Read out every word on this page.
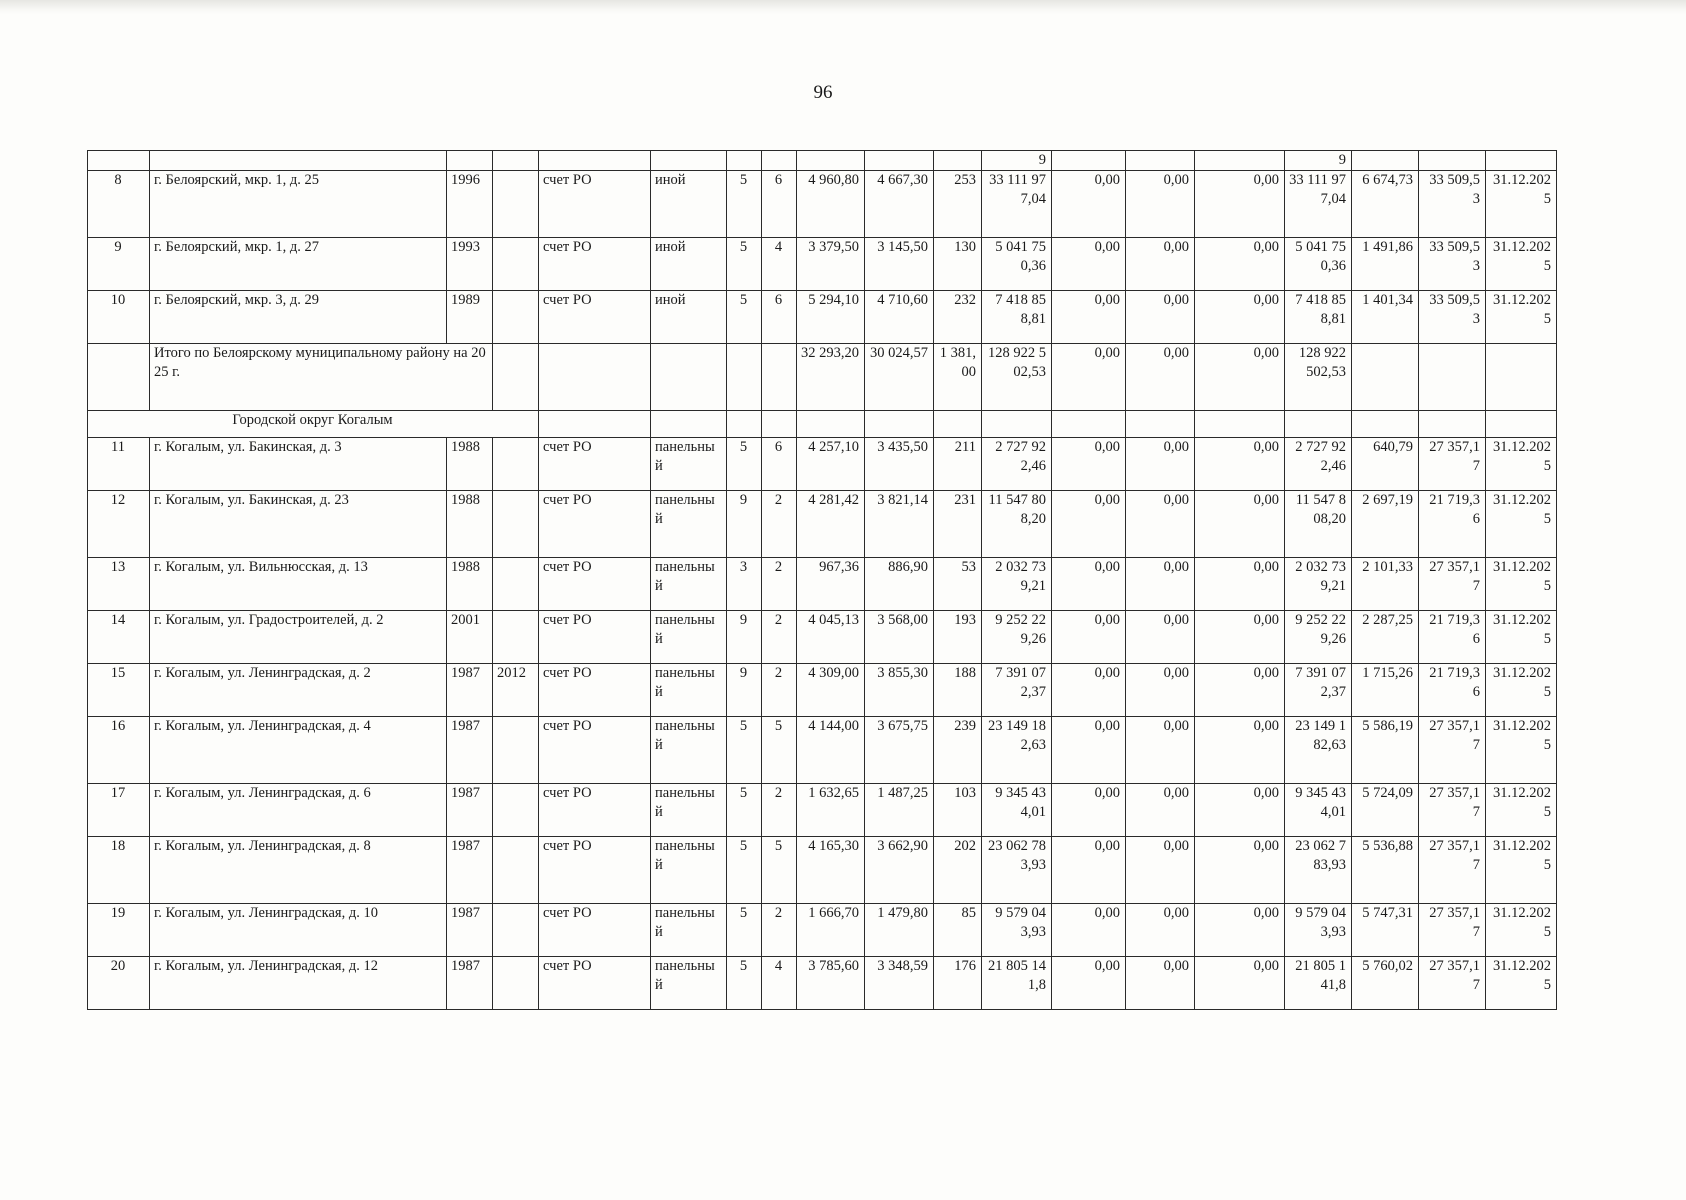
96
											9				9			
8	г. Белоярский, мкр. 1, д. 25	1996		счет РО	иной	5	6	4 960,80	4 667,30	253	33 111 977,04	0,00	0,00	0,00	33 111 977,04	6 674,73	33 509,53	31.12.2025
9	г. Белоярский, мкр. 1, д. 27	1993		счет РО	иной	5	4	3 379,50	3 145,50	130	5 041 750,36	0,00	0,00	0,00	5 041 750,36	1 491,86	33 509,53	31.12.2025
10	г. Белоярский, мкр. 3, д. 29	1989		счет РО	иной	5	6	5 294,10	4 710,60	232	7 418 858,81	0,00	0,00	0,00	7 418 858,81	1 401,34	33 509,53	31.12.2025
	Итого по Белоярскому муниципальному району на 2025 г.							32 293,20	30 024,57	1 381,00	128 922 502,53	0,00	0,00	0,00	128 922 502,53			
Городской округ Когалым																		
11	г. Когалым, ул. Бакинская, д. 3	1988		счет РО	панельный	5	6	4 257,10	3 435,50	211	2 727 922,46	0,00	0,00	0,00	2 727 922,46	640,79	27 357,17	31.12.2025
12	г. Когалым, ул. Бакинская, д. 23	1988		счет РО	панельный	9	2	4 281,42	3 821,14	231	11 547 808,20	0,00	0,00	0,00	11 547 808,20	2 697,19	21 719,36	31.12.2025
13	г. Когалым, ул. Вильнюсская, д. 13	1988		счет РО	панельный	3	2	967,36	886,90	53	2 032 739,21	0,00	0,00	0,00	2 032 739,21	2 101,33	27 357,17	31.12.2025
14	г. Когалым, ул. Градостроителей, д. 2	2001		счет РО	панельный	9	2	4 045,13	3 568,00	193	9 252 229,26	0,00	0,00	0,00	9 252 229,26	2 287,25	21 719,36	31.12.2025
15	г. Когалым, ул. Ленинградская, д. 2	1987	2012	счет РО	панельный	9	2	4 309,00	3 855,30	188	7 391 072,37	0,00	0,00	0,00	7 391 072,37	1 715,26	21 719,36	31.12.2025
16	г. Когалым, ул. Ленинградская, д. 4	1987		счет РО	панельный	5	5	4 144,00	3 675,75	239	23 149 182,63	0,00	0,00	0,00	23 149 182,63	5 586,19	27 357,17	31.12.2025
17	г. Когалым, ул. Ленинградская, д. 6	1987		счет РО	панельный	5	2	1 632,65	1 487,25	103	9 345 434,01	0,00	0,00	0,00	9 345 434,01	5 724,09	27 357,17	31.12.2025
18	г. Когалым, ул. Ленинградская, д. 8	1987		счет РО	панельный	5	5	4 165,30	3 662,90	202	23 062 783,93	0,00	0,00	0,00	23 062 783,93	5 536,88	27 357,17	31.12.2025
19	г. Когалым, ул. Ленинградская, д. 10	1987		счет РО	панельный	5	2	1 666,70	1 479,80	85	9 579 043,93	0,00	0,00	0,00	9 579 043,93	5 747,31	27 357,17	31.12.2025
20	г. Когалым, ул. Ленинградская, д. 12	1987		счет РО	панельный	5	4	3 785,60	3 348,59	176	21 805 141,8	0,00	0,00	0,00	21 805 141,8	5 760,02	27 357,17	31.12.2025
